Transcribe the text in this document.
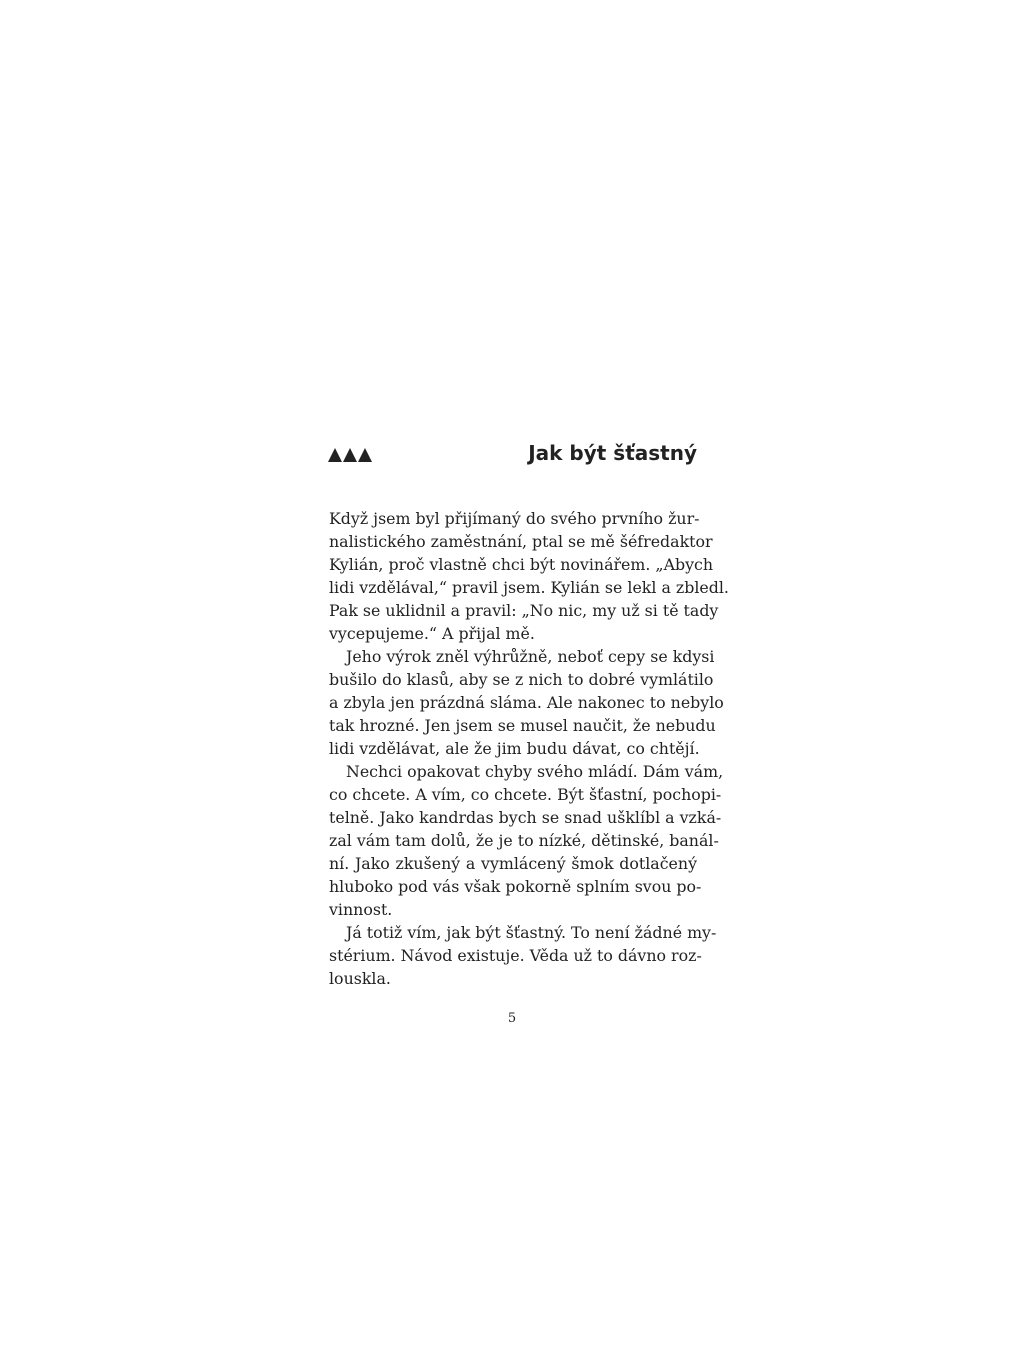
Jak být šťastný
Když jsem byl přijímaný do svého prvního žur-
nalistického zaměstnání, ptal se mě šéfredaktor
Kylián, proč vlastně chci být novinářem. „Abych
lidi vzdělával,“ pravil jsem. Kylián se lekl a zbledl.
Pak se uklidnil a pravil: „No nic, my už si tě tady
vycepujeme.“ A přijal mě.
Jeho výrok zněl výhrůžně, neboť cepy se kdysi
bušilo do klasů, aby se z nich to dobré vymlátilo
a zbyla jen prázdná sláma. Ale nakonec to nebylo
tak hrozné. Jen jsem se musel naučit, že nebudu
lidi vzdělávat, ale že jim budu dávat, co chtějí.
Nechci opakovat chyby svého mládí. Dám vám,
co chcete. A vím, co chcete. Být šťastní, pochopi-
telně. Jako kandrdas bych se snad ušklíbl a vzká-
zal vám tam dolů, že je to nízké, dětinské, banál-
ní. Jako zkušený a vymlácený šmok dotlačený
hluboko pod vás však pokorně splním svou po-
vinnost.
Já totiž vím, jak být šťastný. To není žádné my-
stérium. Návod existuje. Věda už to dávno roz-
louskla.
5
